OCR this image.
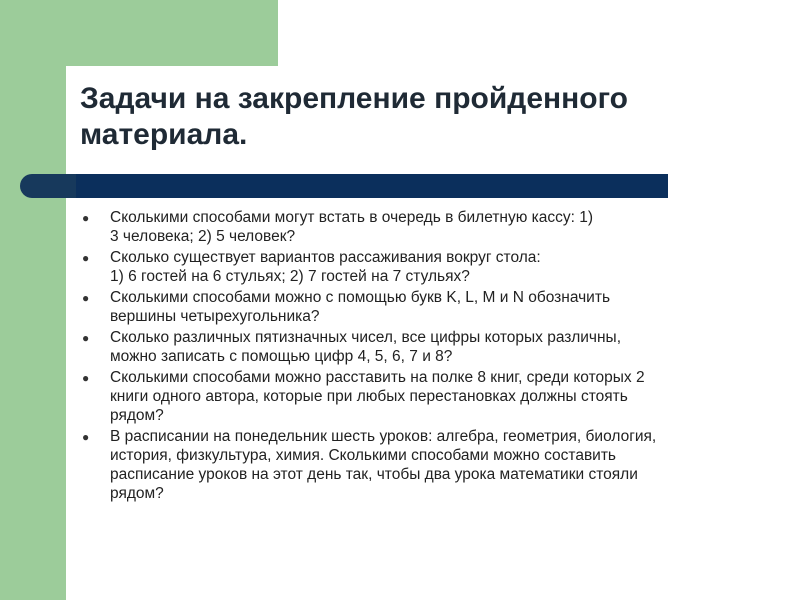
Задачи на закрепление пройденного материала.
●	Сколькими способами могут встать в очередь в билетную кассу: 1)
3 человека; 2) 5 человек?
●	Сколько существует вариантов рассаживания вокруг стола:
1) 6 гостей на 6 стульях; 2) 7 гостей на 7 стульях?
●	Сколькими способами можно с помощью букв K, L, M и N обозначить
вершины четырехугольника?
●	Сколько различных пятизначных чисел, все цифры которых различны,
можно записать с помощью цифр 4, 5, 6, 7 и 8?
●	Сколькими способами можно расставить на полке 8 книг, среди которых 2
книги одного автора, которые при любых перестановках должны стоять
рядом?
●	В расписании на понедельник шесть уроков: алгебра, геометрия, биология,
история, физкультура, химия. Сколькими способами можно составить
расписание уроков на этот день так, чтобы два урока математики стояли
рядом?
